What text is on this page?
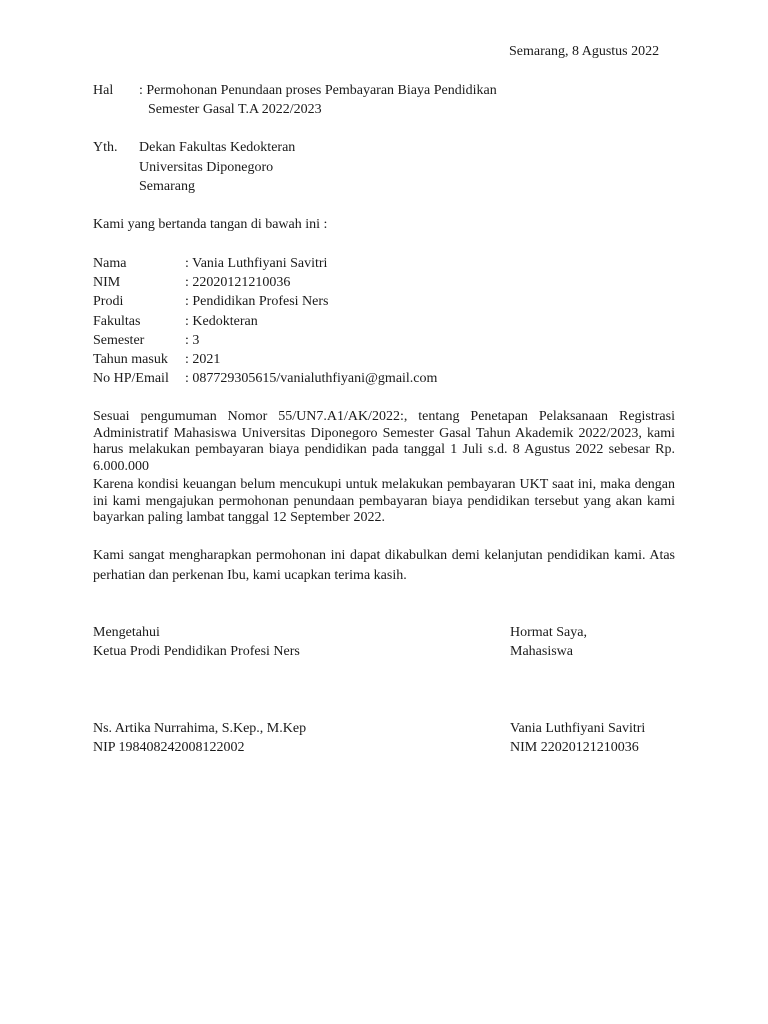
Semarang, 8 Agustus 2022
Hal : Permohonan Penundaan proses Pembayaran Biaya Pendidikan
Semester Gasal T.A 2022/2023
Yth. Dekan Fakultas Kedokteran
Universitas Diponegoro
Semarang
Kami yang bertanda tangan di bawah ini :
Nama	: Vania Luthfiyani Savitri
NIM	: 22020121210036
Prodi	: Pendidikan Profesi Ners
Fakultas	: Kedokteran
Semester	: 3
Tahun masuk : 2021
No HP/Email : 087729305615/vanialuthfiyani@gmail.com

Sesuai pengumuman Nomor 55/UN7.A1/AK/2022:, tentang Penetapan Pelaksanaan Registrasi Administratif Mahasiswa Universitas Diponegoro Semester Gasal Tahun Akademik 2022/2023, kami harus melakukan pembayaran biaya pendidikan pada tanggal 1 Juli s.d. 8 Agustus 2022 sebesar Rp. 6.000.000

Karena kondisi keuangan belum mencukupi untuk melakukan pembayaran UKT saat ini, maka dengan ini kami mengajukan permohonan penundaan pembayaran biaya pendidikan tersebut yang akan kami bayarkan paling lambat tanggal 12 September 2022.

Kami sangat mengharapkan permohonan ini dapat dikabulkan demi kelanjutan pendidikan kami. Atas perhatian dan perkenan Ibu, kami ucapkan terima kasih.

Mengetahui
Ketua Prodi Pendidikan Profesi Ners
Ns. Artika Nurrahima, S.Kep., M.Kep
NIP 198408242008122002
Hormat Saya,
Mahasiswa
Vania Luthfiyani Savitri
NIM 22020121210036
